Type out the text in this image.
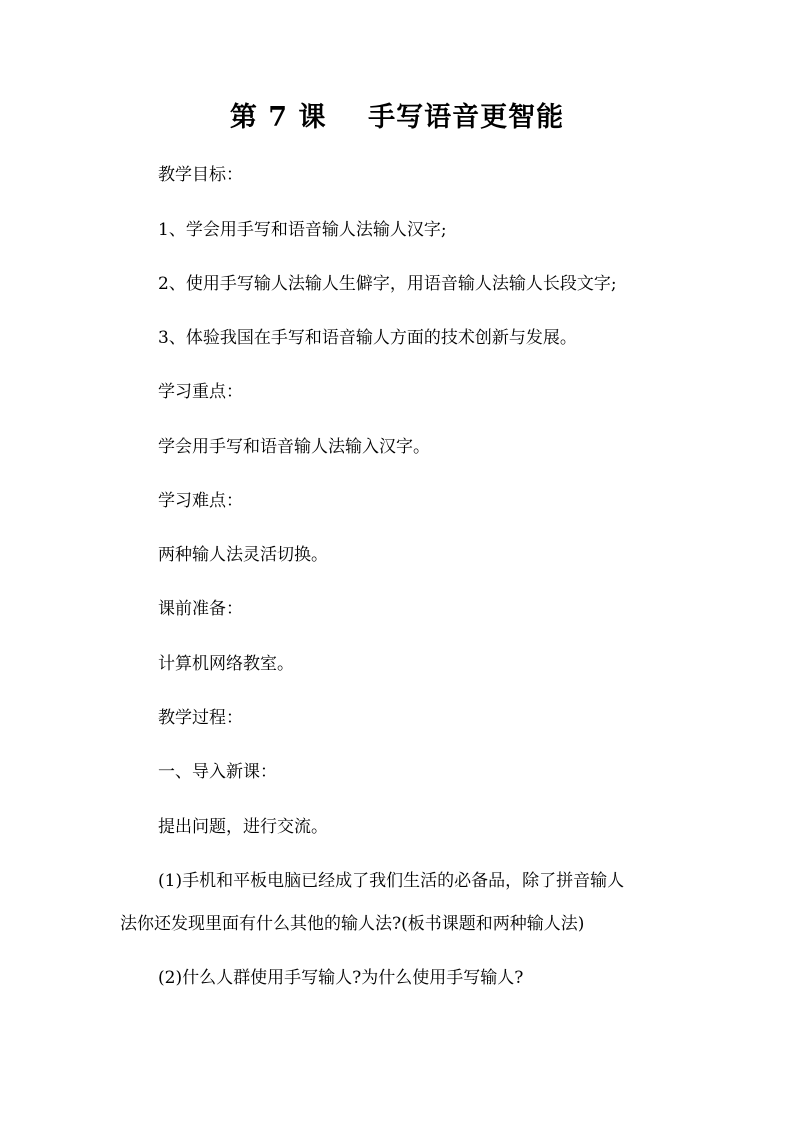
第 7 课    手写语音更智能
教学目标：
1、学会用手写和语音输人法输人汉字;
2、使用手写输人法输人生僻字，用语音输人法输人长段文字;
3、体验我国在手写和语音输人方面的技术创新与发展。
学习重点：
学会用手写和语音输人法输入汉字。
学习难点：
两种输人法灵活切换。
课前准备：
计算机网络教室。
教学过程：
一、导入新课：
提出问题，进行交流。
(1)手机和平板电脑已经成了我们生活的必备品，除了拼音输人
法你还发现里面有什么其他的输人法?(板书课题和两种输人法)
(2)什么人群使用手写输人?为什么使用手写输人?
